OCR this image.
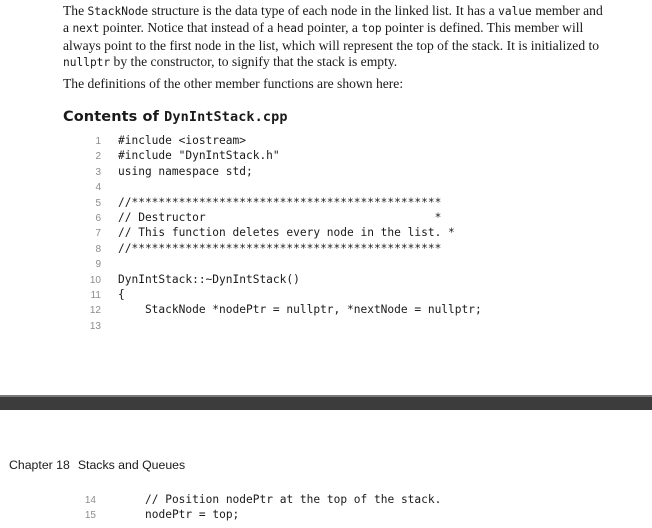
The StackNode structure is the data type of each node in the linked list. It has a value member and a next pointer. Notice that instead of a head pointer, a top pointer is defined. This member will always point to the first node in the list, which will represent the top of the stack. It is initialized to nullptr by the constructor, to signify that the stack is empty.

The definitions of the other member functions are shown here:

Contents of DynIntStack.cpp
1 #include <iostream>
2 #include "DynIntStack.h"
3 using namespace std;
4
5 //**********************************************
6 // Destructor                                  *
7 // This function deletes every node in the list. *
8 //**********************************************
9
10 DynIntStack::~DynIntStack()
11 {
12 StackNode *nodePtr = nullptr, *nextNode = nullptr;
13
Chapter 18 Stacks and Queues
14	// Position nodePtr at the top of the stack.
15	nodePtr = top;
